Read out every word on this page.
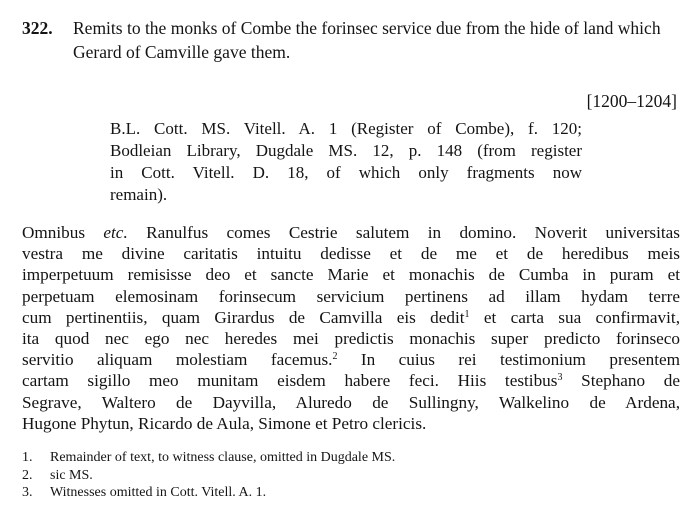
322. Remits to the monks of Combe the forinsec service due from the hide of land which Gerard of Camville gave them.
[1200–1204]
B.L. Cott. MS. Vitell. A. 1 (Register of Combe), f. 120;
Bodleian Library, Dugdale MS. 12, p. 148 (from register
in Cott. Vitell. D. 18, of which only fragments now
remain).
Omnibus etc. Ranulfus comes Cestrie salutem in domino. Noverit universitas
vestra me divine caritatis intuitu dedisse et de me et de heredibus meis
imperpetuum remisisse deo et sancte Marie et monachis de Cumba in puram et
perpetuam elemosinam forinsecum servicium pertinens ad illam hydam terre
cum pertinentiis, quam Girardus de Camvilla eis dedit$^1$ et carta sua confirmavit,
ita quod nec ego nec heredes mei predictis monachis super predicto forinseco
servitio aliquam molestiam facemus.$^2$ In cuius rei testimonium presentem
cartam sigillo meo munitam eisdem habere feci. Hiis testibus$^3$ Stephano de
Segrave, Waltero de Dayvilla, Aluredo de Sullingny, Walkelino de Ardena,
Hugone Phytun, Ricardo de Aula, Simone et Petro clericis.
1. Remainder of text, to witness clause, omitted in Dugdale MS.
2. sic MS.
3. Witnesses omitted in Cott. Vitell. A. 1.
